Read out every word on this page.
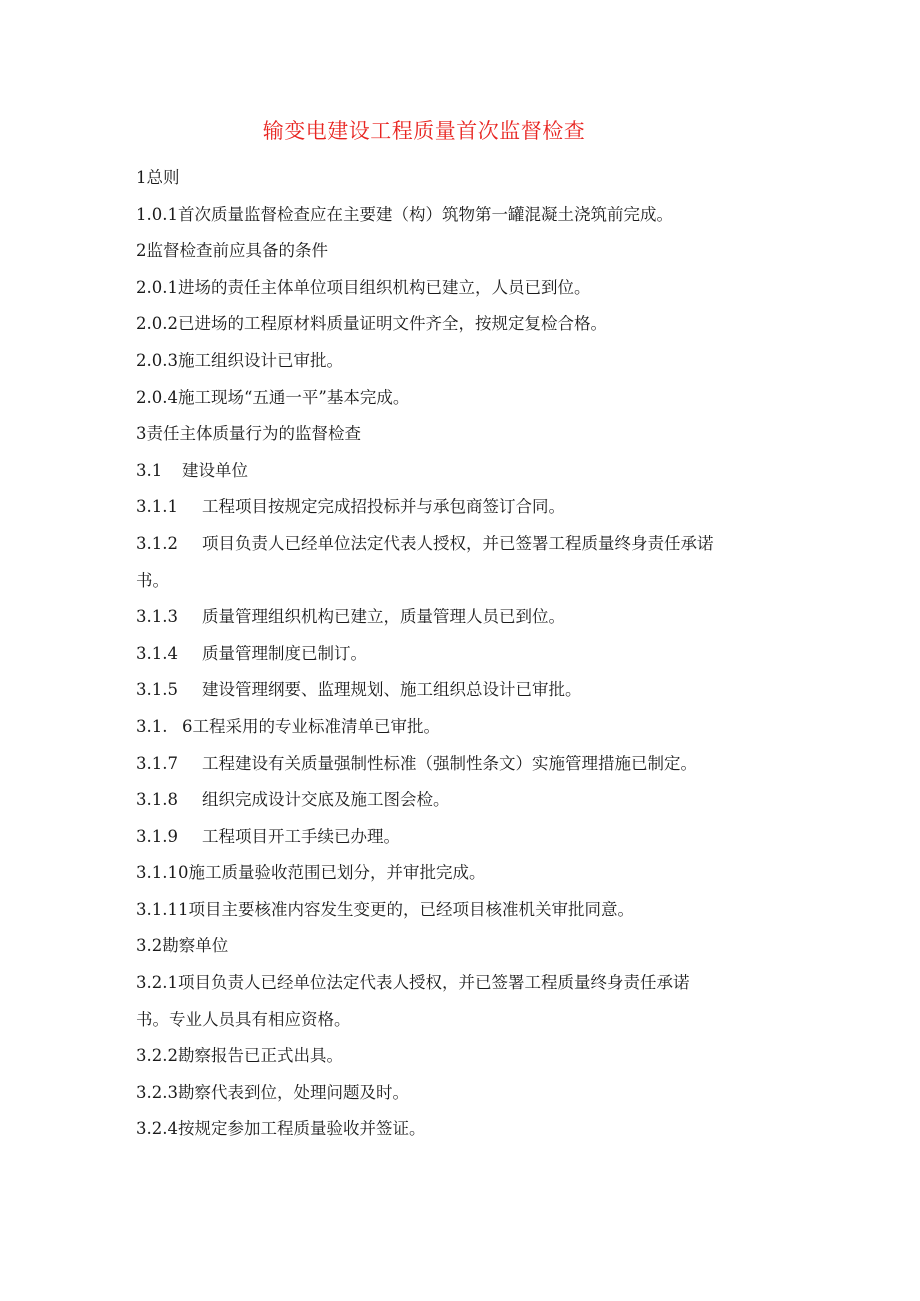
输变电建设工程质量首次监督检查
1总则
1.0.1首次质量监督检查应在主要建（构）筑物第一罐混凝土浇筑前完成。
2监督检查前应具备的条件
2.0.1进场的责任主体单位项目组织机构已建立，人员已到位。
2.0.2已进场的工程原材料质量证明文件齐全，按规定复检合格。
2.0.3施工组织设计已审批。
2.0.4施工现场“五通一平”基本完成。
3责任主体质量行为的监督检查
3.1 建设单位
3.1.1 工程项目按规定完成招投标并与承包商签订合同。
3.1.2 项目负责人已经单位法定代表人授权，并已签署工程质量终身责任承诺
书。
3.1.3 质量管理组织机构已建立，质量管理人员已到位。
3.1.4 质量管理制度已制订。
3.1.5 建设管理纲要、监理规划、施工组织总设计已审批。
3.1. 6工程采用的专业标准清单已审批。
3.1.7 工程建设有关质量强制性标准（强制性条文）实施管理措施已制定。
3.1.8 组织完成设计交底及施工图会检。
3.1.9 工程项目开工手续已办理。
3.1.10施工质量验收范围已划分，并审批完成。
3.1.11项目主要核准内容发生变更的，已经项目核准机关审批同意。
3.2勘察单位
3.2.1项目负责人已经单位法定代表人授权，并已签署工程质量终身责任承诺
书。专业人员具有相应资格。
3.2.2勘察报告已正式出具。
3.2.3勘察代表到位，处理问题及时。
3.2.4按规定参加工程质量验收并签证。
